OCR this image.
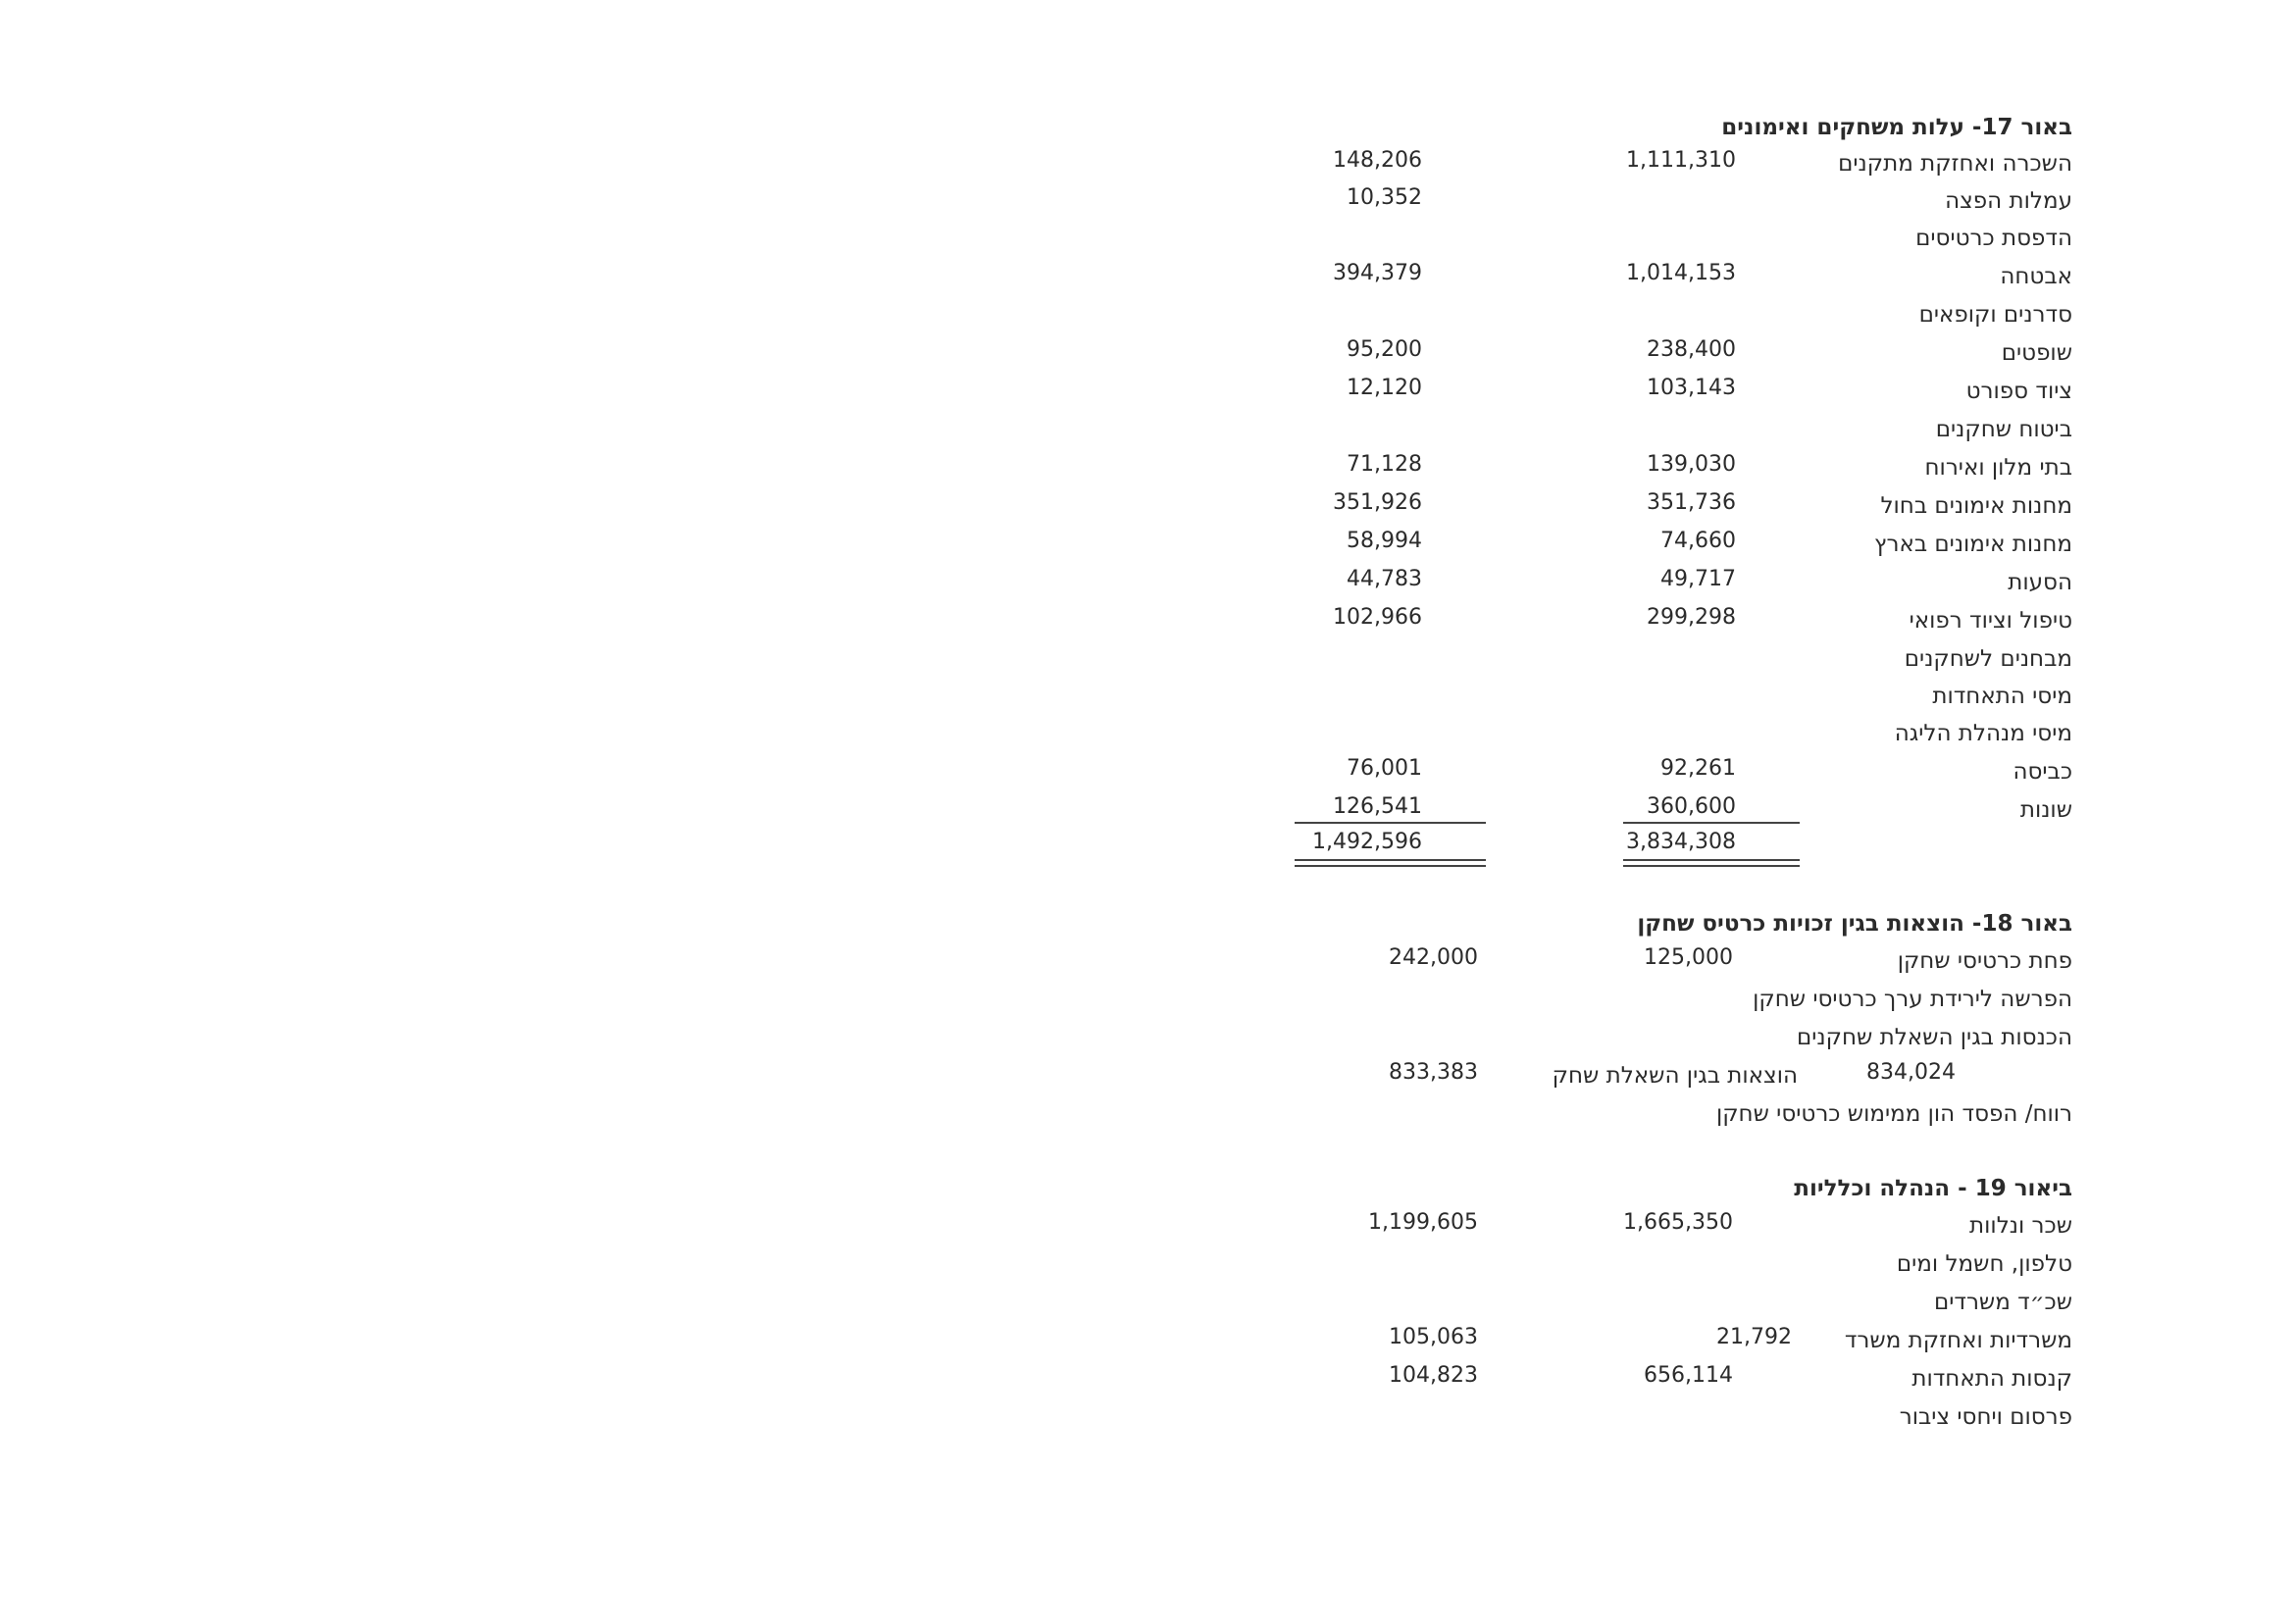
באור 17- עלות משחקים ואימונים
השכרה ואחזקת מתקנים
1,111,310
148,206
עמלות הפצה
10,352
הדפסת כרטיסים
אבטחה
1,014,153
394,379
סדרנים וקופאים
שופטים
238,400
95,200
ציוד ספורט
103,143
12,120
ביטוח שחקנים
בתי מלון ואירוח
139,030
71,128
מחנות אימונים בחול
351,736
351,926
מחנות אימונים בארץ
74,660
58,994
הסעות
49,717
44,783
טיפול וציוד רפואי
299,298
102,966
מבחנים לשחקנים
מיסי התאחדות
מיסי מנהלת הליגה
כביסה
92,261
76,001
שונות
360,600
126,541
3,834,308
1,492,596
באור 18- הוצאות בגין זכויות כרטיס שחקן
פחת כרטיסי שחקן
125,000
242,000
הפרשה לירידת ערך כרטיסי שחקן
הכנסות בגין השאלת שחקנים
הוצאות בגין השאלת שחק	834,024
833,383
רווח/ הפסד הון ממימוש כרטיסי שחקן
ביאור 19 - הנהלה וכלליות
שכר ונלוות
1,665,350
1,199,605
טלפון, חשמל ומים
שכ״ד משרדים
משרדיות ואחזקת משרד
21,792
105,063
קנסות התאחדות
656,114
104,823
פרסום ויחסי ציבור
